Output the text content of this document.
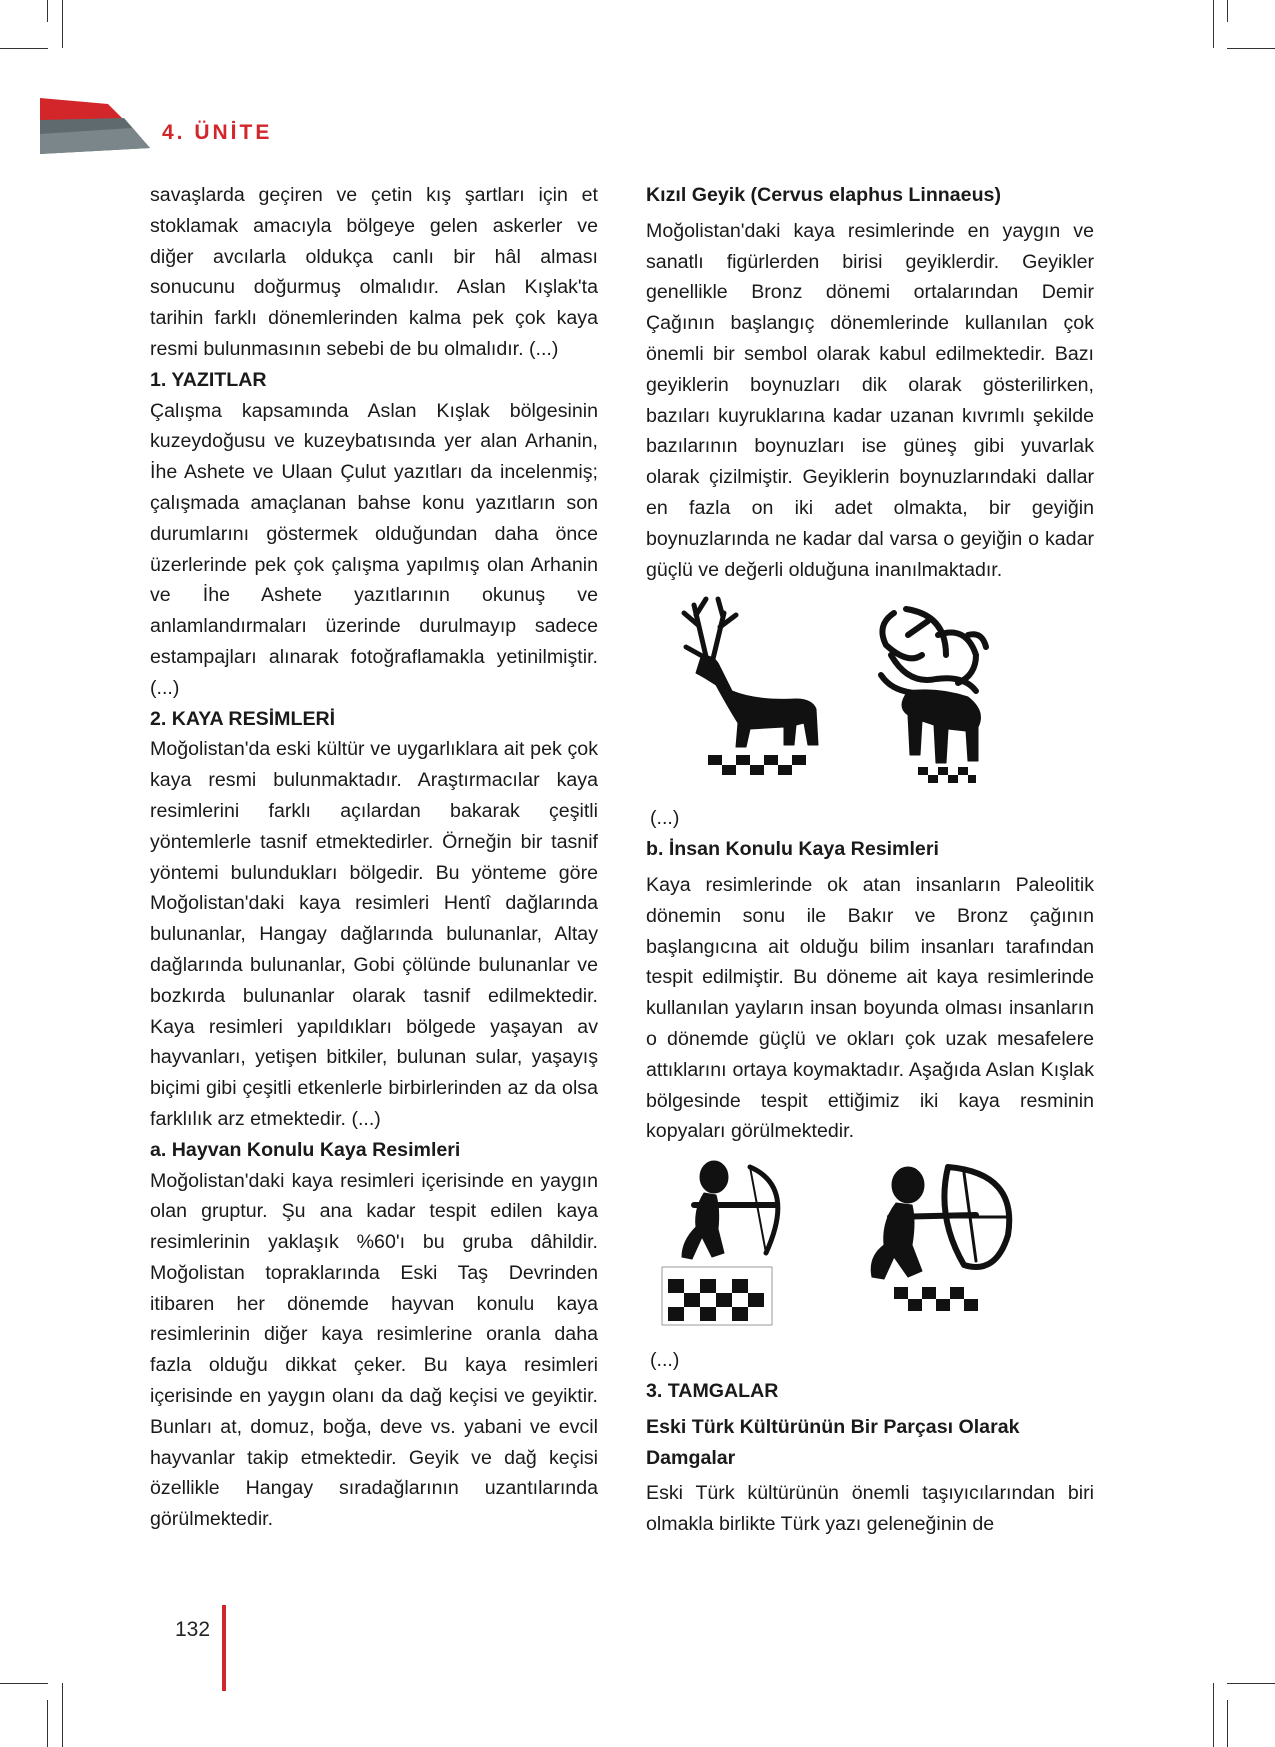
4. ÜNİTE

savaşlarda geçiren ve çetin kış şartları için et stoklamak amacıyla bölgeye gelen askerler ve diğer avcılarla oldukça canlı bir hâl alması sonucunu doğurmuş olmalıdır. Aslan Kışlak'ta tarihin farklı dönemlerinden kalma pek çok kaya resmi bulunmasının sebebi de bu olmalıdır. (...)

1. YAZITLAR

Çalışma kapsamında Aslan Kışlak bölgesinin kuzeydoğusu ve kuzeybatısında yer alan Arhanin, İhe Ashete ve Ulaan Çulut yazıtları da incelenmiş; çalışmada amaçlanan bahse konu yazıtların son durumlarını göstermek olduğundan daha önce üzerlerinde pek çok çalışma yapılmış olan Arhanin ve İhe Ashete yazıtlarının okunuş ve anlamlandırmaları üzerinde durulmayıp sadece estampajları alınarak fotoğraflamakla yetinilmiştir. (...)

2. KAYA RESİMLERİ

Moğolistan'da eski kültür ve uygarlıklara ait pek çok kaya resmi bulunmaktadır. Araştırmacılar kaya resimlerini farklı açılardan bakarak çeşitli yöntemlerle tasnif etmektedirler. Örneğin bir tasnif yöntemi bulundukları bölgedir. Bu yönteme göre Moğolistan'daki kaya resimleri Hentî dağlarında bulunanlar, Hangay dağlarında bulunanlar, Altay dağlarında bulunanlar, Gobi çölünde bulunanlar ve bozkırda bulunanlar olarak tasnif edilmektedir. Kaya resimleri yapıldıkları bölgede yaşayan av hayvanları, yetişen bitkiler, bulunan sular, yaşayış biçimi gibi çeşitli etkenlerle birbirlerinden az da olsa farklılık arz etmektedir. (...)

a. Hayvan Konulu Kaya Resimleri

Moğolistan'daki kaya resimleri içerisinde en yaygın olan gruptur. Şu ana kadar tespit edilen kaya resimlerinin yaklaşık %60'ı bu gruba dâhildir. Moğolistan topraklarında Eski Taş Devrinden itibaren her dönemde hayvan konulu kaya resimlerinin diğer kaya resimlerine oranla daha fazla olduğu dikkat çeker. Bu kaya resimleri içerisinde en yaygın olanı da dağ keçisi ve geyiktir. Bunları at, domuz, boğa, deve vs. yabani ve evcil hayvanlar takip etmektedir. Geyik ve dağ keçisi özellikle Hangay sıradağlarının uzantılarında görülmektedir.

Kızıl Geyik (Cervus elaphus Linnaeus)

Moğolistan'daki kaya resimlerinde en yaygın ve sanatlı figürlerden birisi geyiklerdir. Geyikler genellikle Bronz dönemi ortalarından Demir Çağının başlangıç dönemlerinde kullanılan çok önemli bir sembol olarak kabul edilmektedir. Bazı geyiklerin boynuzları dik olarak gösterilirken, bazıları kuyruklarına kadar uzanan kıvrımlı şekilde bazılarının boynuzları ise güneş gibi yuvarlak olarak çizilmiştir. Geyiklerin boynuzlarındaki dallar en fazla on iki adet olmakta, bir geyiğin boynuzlarında ne kadar dal varsa o geyiğin o kadar güçlü ve değerli olduğuna inanılmaktadır.

(...)

b. İnsan Konulu Kaya Resimleri

Kaya resimlerinde ok atan insanların Paleolitik dönemin sonu ile Bakır ve Bronz çağının başlangıcına ait olduğu bilim insanları tarafından tespit edilmiştir. Bu döneme ait kaya resimlerinde kullanılan yayların insan boyunda olması insanların o dönemde güçlü ve okları çok uzak mesafelere attıklarını ortaya koymaktadır. Aşağıda Aslan Kışlak bölgesinde tespit ettiğimiz iki kaya resminin kopyaları görülmektedir.

(...)

3. TAMGALAR
Eski Türk Kültürünün Bir Parçası Olarak Damgalar

Eski Türk kültürünün önemli taşıyıcılarından biri olmakla birlikte Türk yazı geleneğinin de

132
